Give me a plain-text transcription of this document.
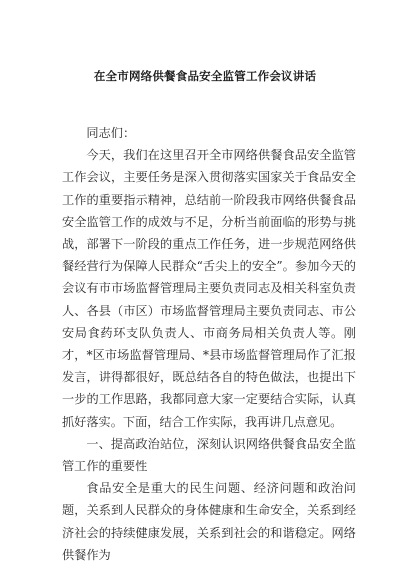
在全市网络供餐食品安全监管工作会议讲话

同志们：

今天，我们在这里召开全市网络供餐食品安全监管工作会议，主要任务是深入贯彻落实国家关于食品安全工作的重要指示精神，总结前一阶段我市网络供餐食品安全监管工作的成效与不足，分析当前面临的形势与挑战，部署下一阶段的重点工作任务，进一步规范网络供餐经营行为保障人民群众“舌尖上的安全”。参加今天的会议有市市场监督管理局主要负责同志及相关科室负责人、各县（市区）市场监督管理局主要负责同志、市公安局食药环支队负责人、市商务局相关负责人等。刚才，*区市场监督管理局、*县市场监督管理局作了汇报发言，讲得都很好，既总结各自的特色做法，也提出下一步的工作思路，我都同意大家一定要结合实际，认真抓好落实。下面，结合工作实际，我再讲几点意见。

一、提高政治站位，深刻认识网络供餐食品安全监管工作的重要性

食品安全是重大的民生问题、经济问题和政治问题，关系到人民群众的身体健康和生命安全，关系到经济社会的持续健康发展，关系到社会的和谐稳定。网络供餐作为
